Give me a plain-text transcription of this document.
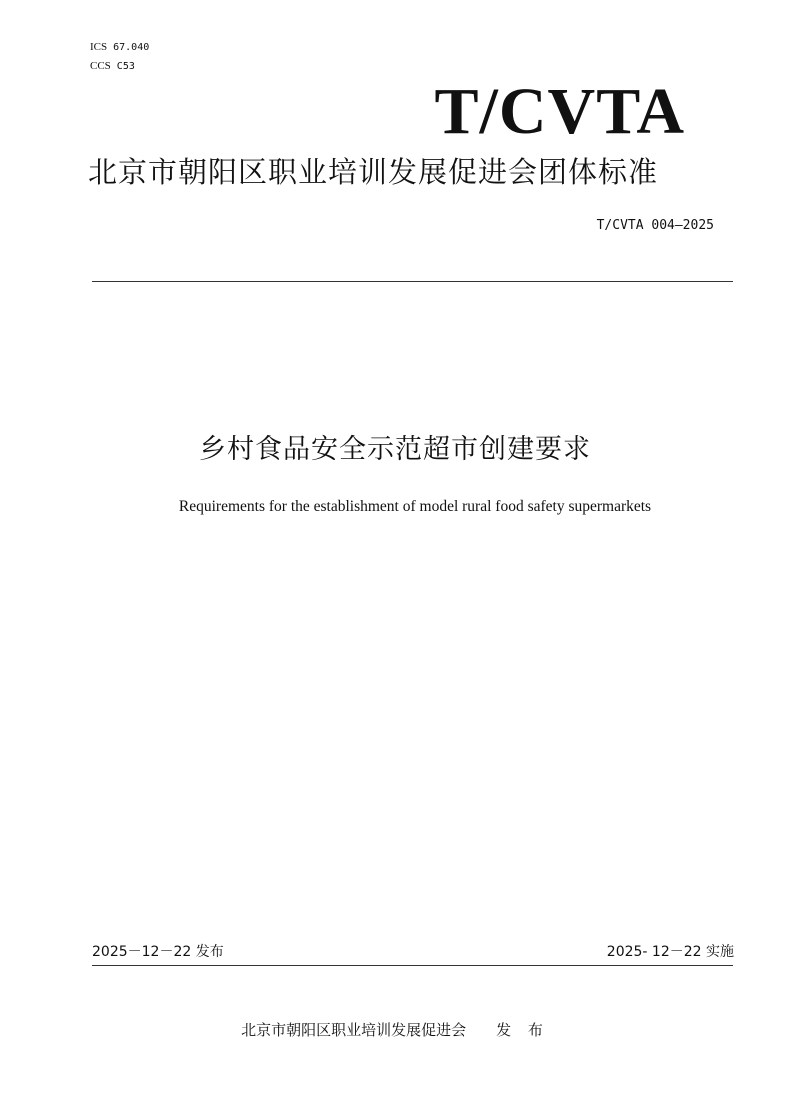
ICS 67.040
CCS C53
T/CVTA
北京市朝阳区职业培训发展促进会团体标准
T/CVTA 004—2025
乡村食品安全示范超市创建要求
Requirements for the establishment of model rural food safety supermarkets
2025－12－22 发布	2025- 12－22 实施
北京市朝阳区职业培训发展促进会 发 布
